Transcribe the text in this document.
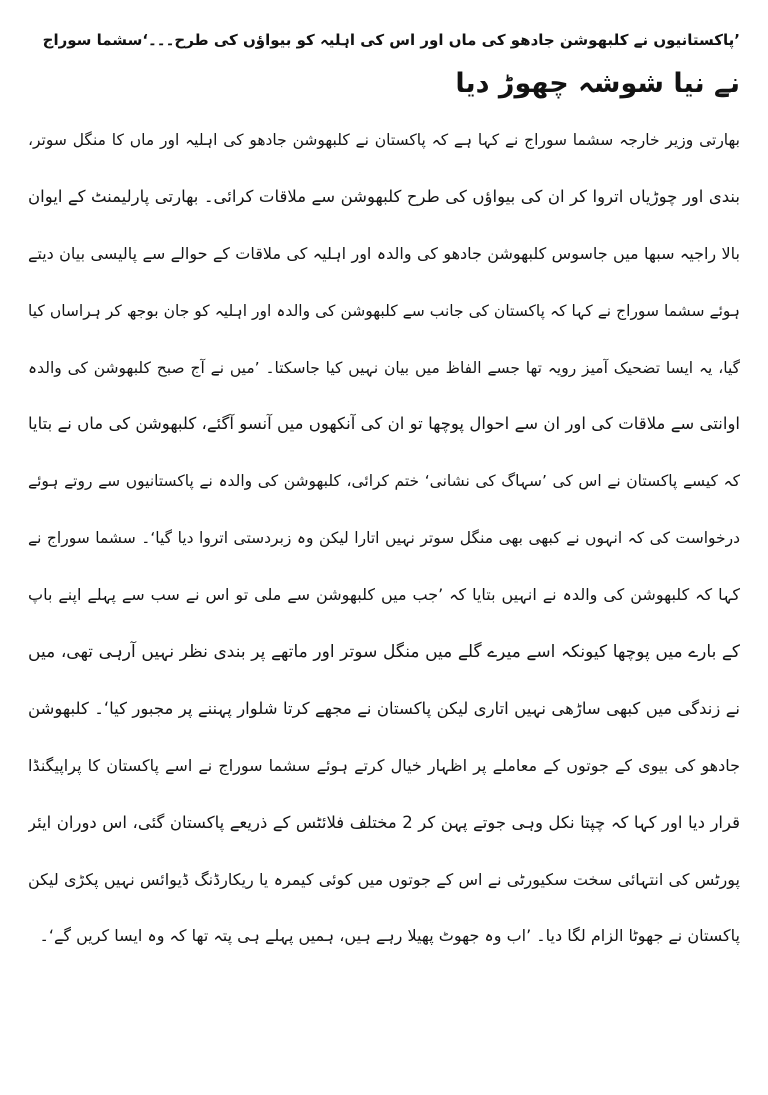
’پاکستانیوں نے کلبھوشن جادھو کی ماں اور اس کی اہلیہ کو بیواؤں کی طرح۔۔۔‘سشما سوراج
نے نیا شوشہ چھوڑ دیا
بھارتی وزیر خارجہ سشما سوراج نے کہا ہے کہ پاکستان نے کلبھوشن جادھو کی اہلیہ اور ماں کا منگل سوتر،
بندی اور چوڑیاں اتروا کر ان کی بیواؤں کی طرح کلبھوشن سے ملاقات کرائی۔ بھارتی پارلیمنٹ کے ایوان
بالا راجیہ سبھا میں جاسوس کلبھوشن جادھو کی والدہ اور اہلیہ کی ملاقات کے حوالے سے پالیسی بیان دیتے
ہوئے سشما سوراج نے کہا کہ پاکستان کی جانب سے کلبھوشن کی والدہ اور اہلیہ کو جان بوجھ کر ہراساں کیا
گیا، یہ ایسا تضحیک آمیز رویہ تھا جسے الفاظ میں بیان نہیں کیا جاسکتا۔ ’میں نے آج صبح کلبھوشن کی والدہ
اوانتی سے ملاقات کی اور ان سے احوال پوچھا تو ان کی آنکھوں میں آنسو آگئے، کلبھوشن کی ماں نے بتایا
کہ کیسے پاکستان نے اس کی ’سہاگ کی نشانی‘ ختم کرائی، کلبھوشن کی والدہ نے پاکستانیوں سے روتے ہوئے
درخواست کی کہ انہوں نے کبھی بھی منگل سوتر نہیں اتارا لیکن وہ زبردستی اتروا دیا گیا‘۔ سشما سوراج نے
کہا کہ کلبھوشن کی والدہ نے انہیں بتایا کہ ’جب میں کلبھوشن سے ملی تو اس نے سب سے پہلے اپنے باپ
کے بارے میں پوچھا کیونکہ اسے میرے گلے میں منگل سوتر اور ماتھے پر بندی نظر نہیں آرہی تھی، میں
نے زندگی میں کبھی ساڑھی نہیں اتاری لیکن پاکستان نے مجھے کرتا شلوار پہننے پر مجبور کیا‘۔ کلبھوشن
جادھو کی بیوی کے جوتوں کے معاملے پر اظہار خیال کرتے ہوئے سشما سوراج نے اسے پاکستان کا پراپیگنڈا
قرار دیا اور کہا کہ چپتا نکل وہی جوتے پہن کر 2 مختلف فلائٹس کے ذریعے پاکستان گئی، اس دوران ایئر
پورٹس کی انتہائی سخت سکیورٹی نے اس کے جوتوں میں کوئی کیمرہ یا ریکارڈنگ ڈیوائس نہیں پکڑی لیکن
پاکستان نے جھوٹا الزام لگا دیا۔ ’اب وہ جھوٹ پھیلا رہے ہیں، ہمیں پہلے ہی پتہ تھا کہ وہ ایسا کریں گے‘۔
